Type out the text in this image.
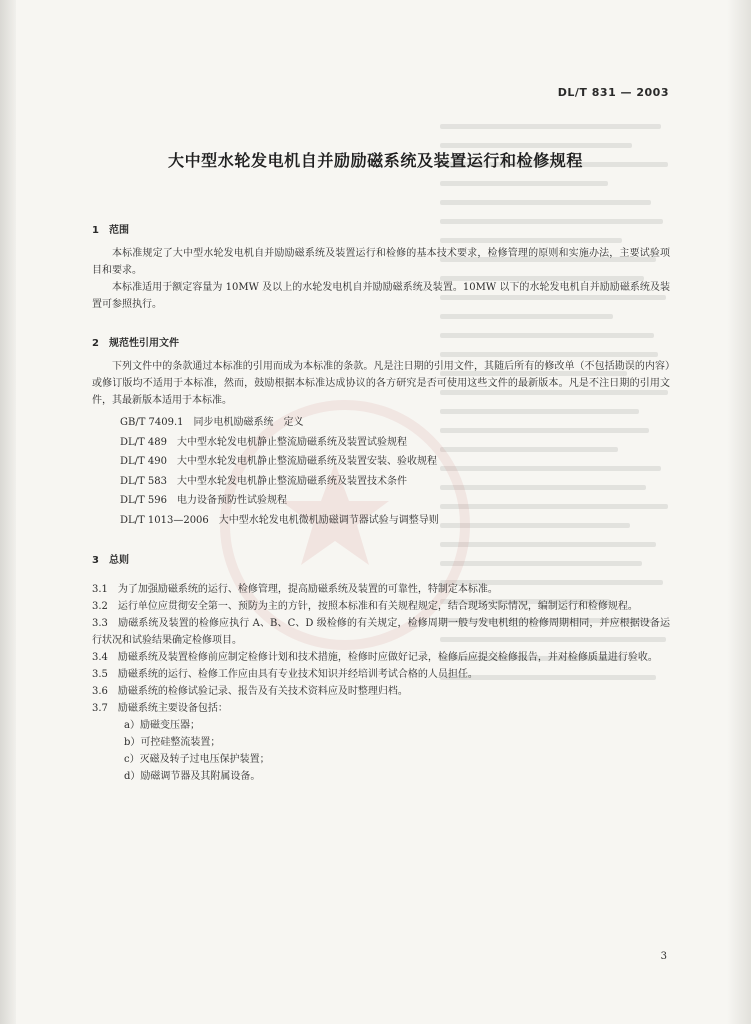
DL/T 831 — 2003
大中型水轮发电机自并励励磁系统及装置运行和检修规程

1　范围

本标准规定了大中型水轮发电机自并励励磁系统及装置运行和检修的基本技术要求，检修管理的原则和实施办法，主要试验项目和要求。

本标准适用于额定容量为 10MW 及以上的水轮发电机自并励励磁系统及装置。10MW 以下的水轮发电机自并励励磁系统及装置可参照执行。

2　规范性引用文件

下列文件中的条款通过本标准的引用而成为本标准的条款。凡是注日期的引用文件，其随后所有的修改单（不包括勘误的内容）或修订版均不适用于本标准，然而，鼓励根据本标准达成协议的各方研究是否可使用这些文件的最新版本。凡是不注日期的引用文件，其最新版本适用于本标准。

GB/T 7409.1　同步电机励磁系统　定义

DL/T 489　大中型水轮发电机静止整流励磁系统及装置试验规程

DL/T 490　大中型水轮发电机静止整流励磁系统及装置安装、验收规程

DL/T 583　大中型水轮发电机静止整流励磁系统及装置技术条件

DL/T 596　电力设备预防性试验规程

DL/T 1013—2006　大中型水轮发电机微机励磁调节器试验与调整导则

3　总则

3.1　为了加强励磁系统的运行、检修管理，提高励磁系统及装置的可靠性，特制定本标准。

3.2　运行单位应贯彻安全第一、预防为主的方针，按照本标准和有关规程规定，结合现场实际情况，编制运行和检修规程。

3.3　励磁系统及装置的检修应执行 A、B、C、D 级检修的有关规定，检修周期一般与发电机组的检修周期相同，并应根据设备运行状况和试验结果确定检修项目。

3.4　励磁系统及装置检修前应制定检修计划和技术措施，检修时应做好记录，检修后应提交检修报告，并对检修质量进行验收。

3.5　励磁系统的运行、检修工作应由具有专业技术知识并经培训考试合格的人员担任。

3.6　励磁系统的检修试验记录、报告及有关技术资料应及时整理归档。

3.7　励磁系统主要设备包括：

a）励磁变压器；

b）可控硅整流装置；

c）灭磁及转子过电压保护装置；

d）励磁调节器及其附属设备。

3
